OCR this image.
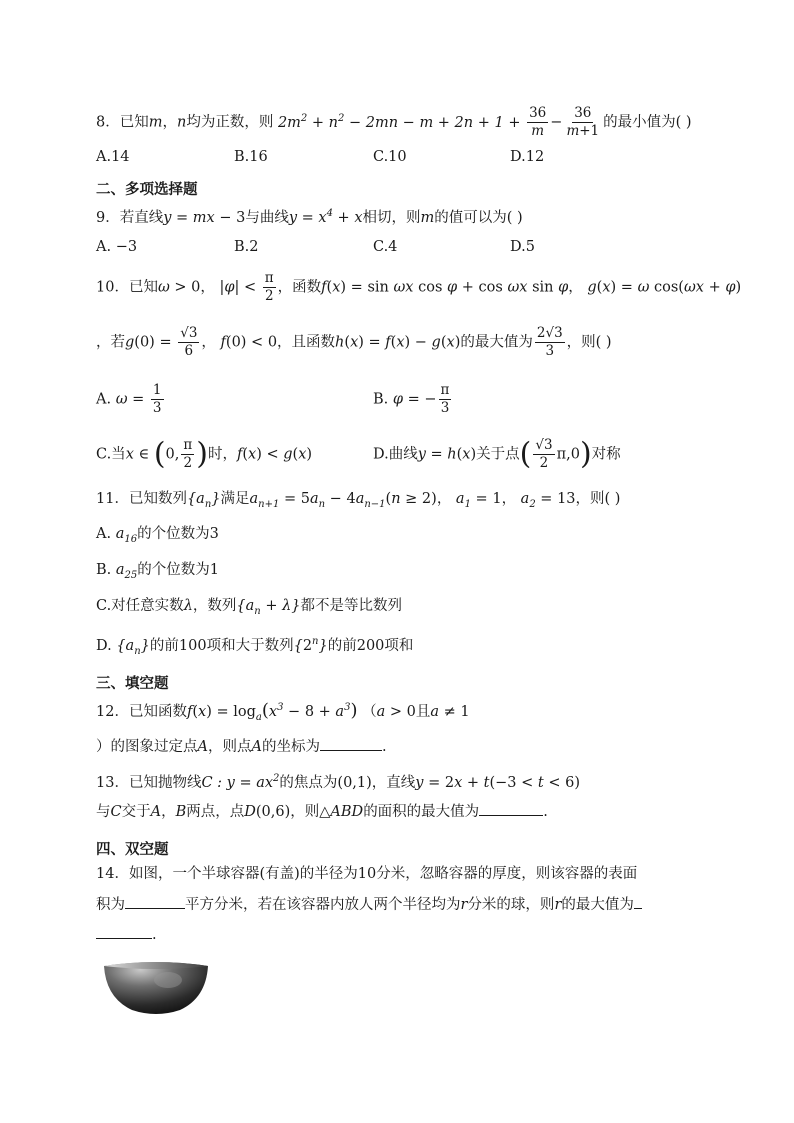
8．已知m，n均为正数，则 $2m^2 + n^2 - 2mn - m + 2n + 1 + \frac{36}{m} - \frac{36}{m+1}$ 的最小值为( )
A.14	B.16	C.10	D.12
二、多项选择题
9．若直线y = mx − 3与曲线$y = x^4 + x$相切，则m的值可以为( )
A. −3	B.2	C.4	D.5
10．已知ω > 0， $|\varphi| < \frac{\pi}{2}$ ，函数f(x) = sin ωx cos φ + cos ωx sin φ， g(x) = ω cos(ωx + φ)
，若$g(0) = \frac{√3}{6}$ ， f(0) < 0，且函数h(x) = f(x) − g(x)的最大值为 $\frac{2√3}{3}$ ，则( )
A. $\omega = \frac{1}{3}$	B. φ = − $\frac{\pi}{3}$
C.当x ∈ (0, $\frac{\pi}{2}$ )时，f(x) < g(x)	D.曲线y = h(x)关于点( $\frac{√3}{2} \pi,0$)对称
11．已知数列$\{a_n\}$满足$a_{n+1} = 5a_n - 4a_{n-1}(n \ge 2)$， $a_1 = 1$， $a_2 = 13$，则( )
A. $a_{16}$的个位数为3
B. $a_{25}$的个位数为1
C.对任意实数λ，数列$\{a_n + \lambda\}$都不是等比数列
D. $\{a_n\}$的前100项和大于数列{2$^n$}的前200项和
三、填空题
12．已知函数$f(x) = \log_a(x^3 - 8 + a^3) (a > 0$且a ≠ 1
）的图象过定点A，则点A的坐标为	.
13．已知抛物线C : $y = ax^2$的焦点为(0,1)，直线y = 2x + t(−3 < t < 6)
与C交于A，B两点，点D(0,6)，则△ABD的面积的最大值为	.
四、双空题
14．如图，一个半球容器(有盖)的半径为10分米，忽略容器的厚度，则该容器的表面
积为	平方分米，若在该容器内放人两个半径均为r分米的球，则r的最大值为
.
